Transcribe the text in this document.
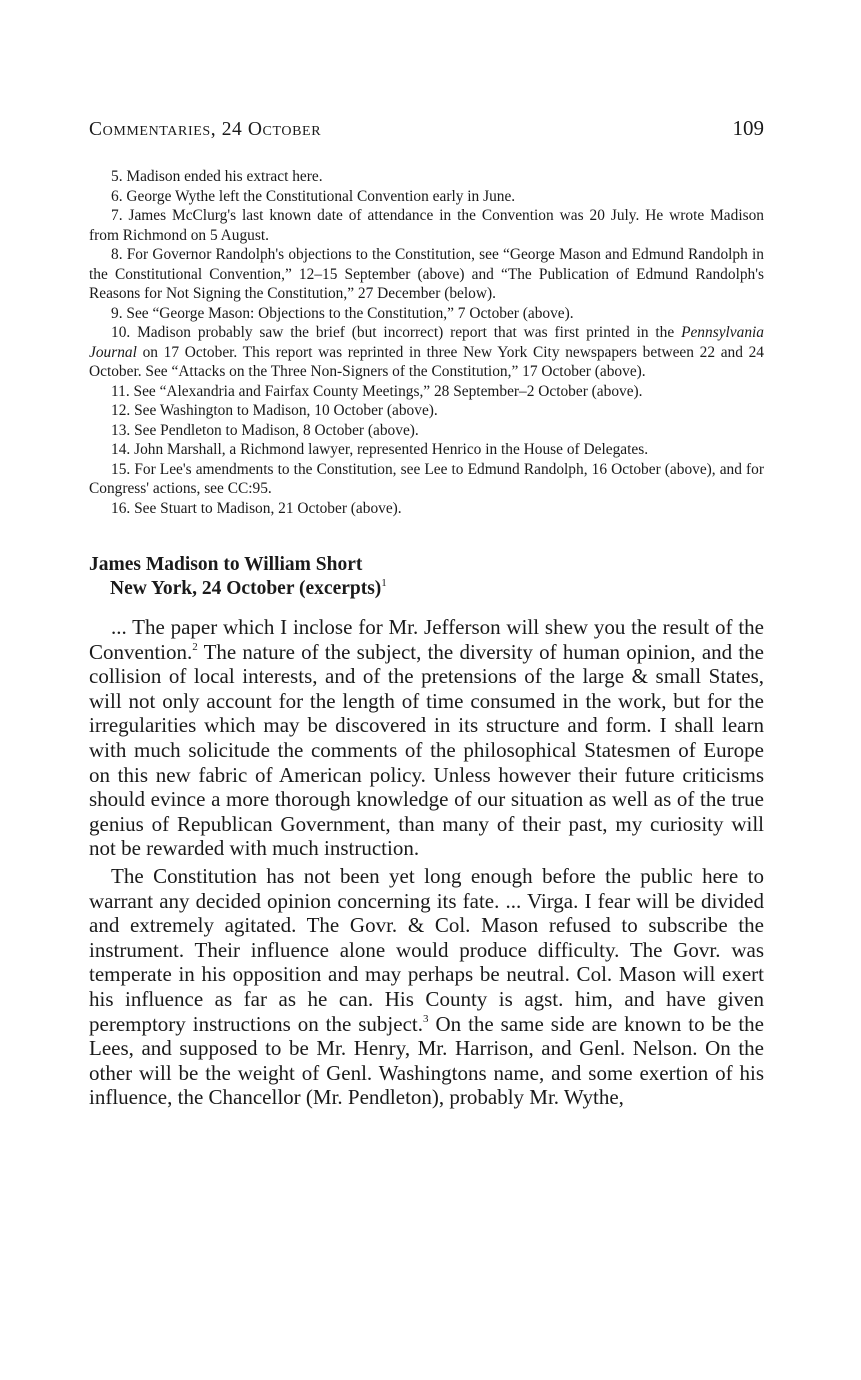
Commentaries, 24 October	109

5. Madison ended his extract here.

6. George Wythe left the Constitutional Convention early in June.

7. James McClurg's last known date of attendance in the Convention was 20 July. He wrote Madison from Richmond on 5 August.

8. For Governor Randolph's objections to the Constitution, see “George Mason and Edmund Randolph in the Constitutional Convention,” 12–15 September (above) and “The Publication of Edmund Randolph's Reasons for Not Signing the Constitution,” 27 December (below).

9. See “George Mason: Objections to the Constitution,” 7 October (above).

10. Madison probably saw the brief (but incorrect) report that was first printed in the Pennsylvania Journal on 17 October. This report was reprinted in three New York City newspapers between 22 and 24 October. See “Attacks on the Three Non-Signers of the Constitution,” 17 October (above).

11. See “Alexandria and Fairfax County Meetings,” 28 September–2 October (above).

12. See Washington to Madison, 10 October (above).

13. See Pendleton to Madison, 8 October (above).

14. John Marshall, a Richmond lawyer, represented Henrico in the House of Delegates.

15. For Lee's amendments to the Constitution, see Lee to Edmund Randolph, 16 October (above), and for Congress' actions, see CC:95.

16. See Stuart to Madison, 21 October (above).

James Madison to William Short
New York, 24 October (excerpts)$^1$

... The paper which I inclose for Mr. Jefferson will shew you the result of the Convention.$^2$ The nature of the subject, the diversity of human opinion, and the collision of local interests, and of the pretensions of the large & small States, will not only account for the length of time consumed in the work, but for the irregularities which may be discovered in its structure and form. I shall learn with much solicitude the comments of the philosophical Statesmen of Europe on this new fabric of American policy. Unless however their future criticisms should evince a more thorough knowledge of our situation as well as of the true genius of Republican Government, than many of their past, my curiosity will not be rewarded with much instruction.

The Constitution has not been yet long enough before the public here to warrant any decided opinion concerning its fate. ... Virga. I fear will be divided and extremely agitated. The Govr. & Col. Mason refused to subscribe the instrument. Their influence alone would produce difficulty. The Govr. was temperate in his opposition and may perhaps be neutral. Col. Mason will exert his influence as far as he can. His County is agst. him, and have given peremptory instructions on the subject.$^3$ On the same side are known to be the Lees, and supposed to be Mr. Henry, Mr. Harrison, and Genl. Nelson. On the other will be the weight of Genl. Washingtons name, and some exertion of his influence, the Chancellor (Mr. Pendleton), probably Mr. Wythe,
